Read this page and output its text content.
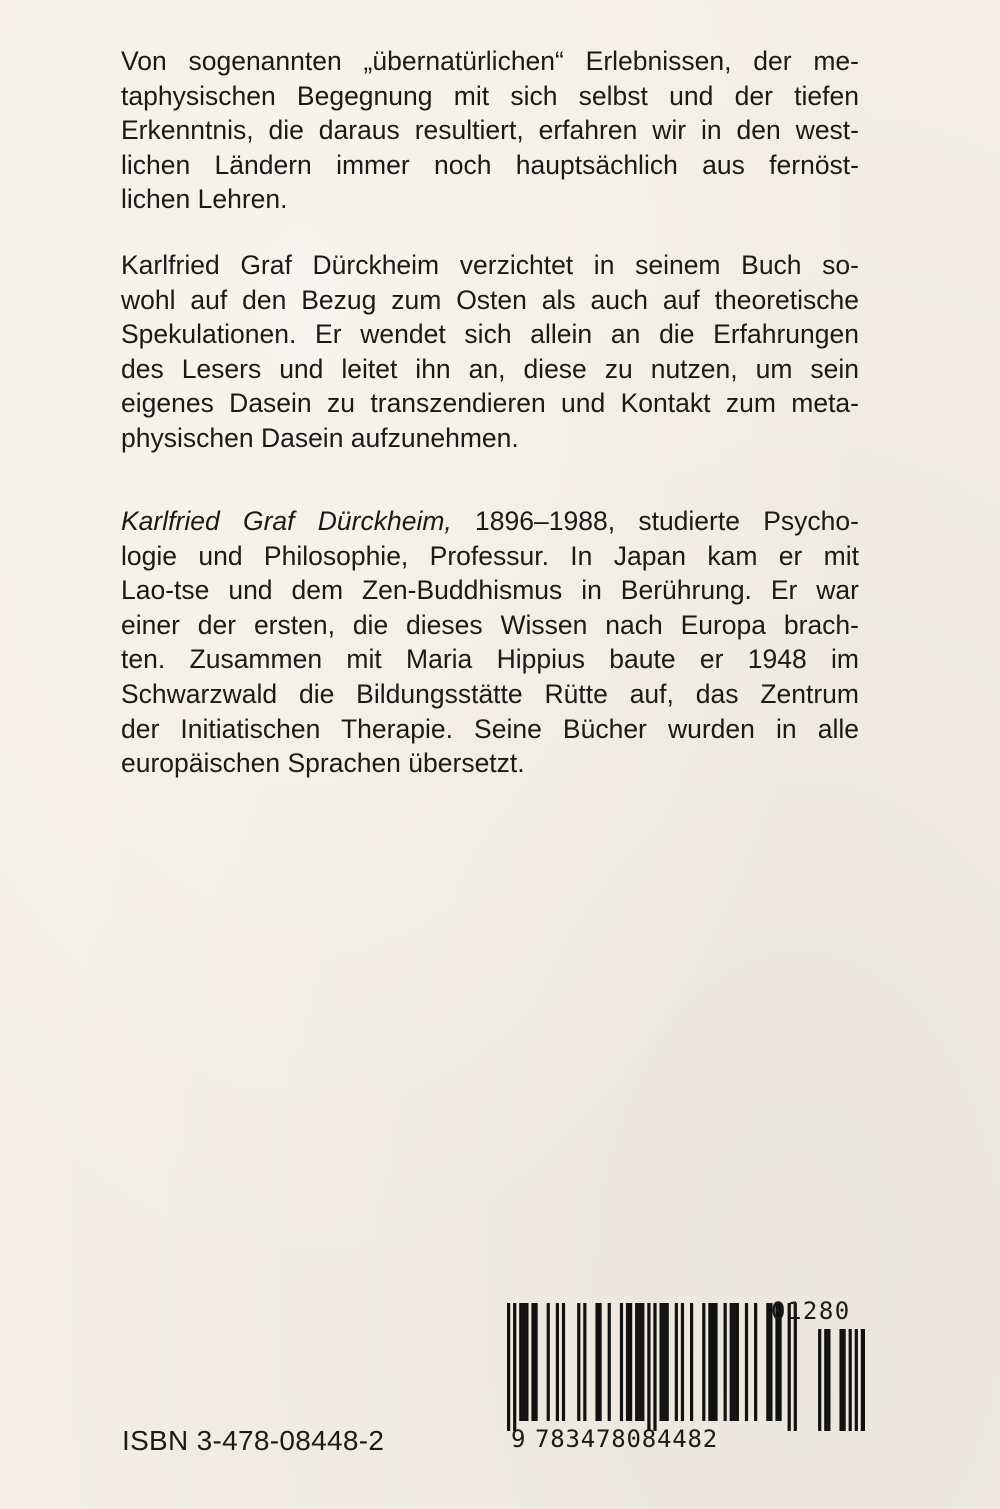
Von sogenannten „übernatürlichen“ Erlebnissen, der me-
taphysischen Begegnung mit sich selbst und der tiefen
Erkenntnis, die daraus resultiert, erfahren wir in den west-
lichen Ländern immer noch hauptsächlich aus fernöst-
lichen Lehren.
Karlfried Graf Dürckheim verzichtet in seinem Buch so-
wohl auf den Bezug zum Osten als auch auf theoretische
Spekulationen. Er wendet sich allein an die Erfahrungen
des Lesers und leitet ihn an, diese zu nutzen, um sein
eigenes Dasein zu transzendieren und Kontakt zum meta-
physischen Dasein aufzunehmen.
Karlfried Graf Dürckheim, 1896–1988, studierte Psycho-
logie und Philosophie, Professur. In Japan kam er mit
Lao-tse und dem Zen-Buddhismus in Berührung. Er war
einer der ersten, die dieses Wissen nach Europa brach-
ten. Zusammen mit Maria Hippius baute er 1948 im
Schwarzwald die Bildungsstätte Rütte auf, das Zentrum
der Initiatischen Therapie. Seine Bücher wurden in alle
europäischen Sprachen übersetzt.
ISBN 3-478-08448-2	9 783478084482
01280
